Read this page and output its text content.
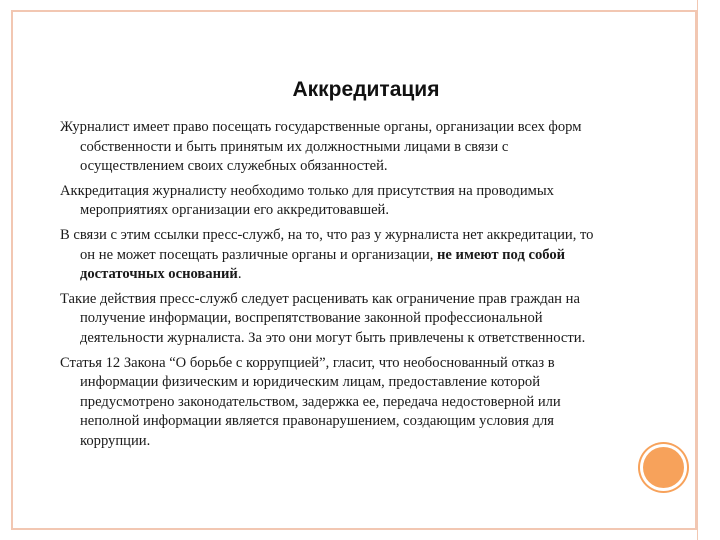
Аккредитация

Журналист имеет право посещать государственные органы, организации всех форм собственности и быть принятым их должностными лицами в связи с осуществлением своих служебных обязанностей.

Аккредитация журналисту необходимо только для присутствия на проводимых мероприятиях организации его аккредитовавшей.

В связи с этим ссылки пресс-служб, на то, что раз у журналиста нет аккредитации, то он не может посещать различные органы и организации, не имеют под собой достаточных оснований.

Такие действия пресс-служб следует расценивать как ограничение прав граждан на получение информации, воспрепятствование законной профессиональной деятельности журналиста. За это они могут быть привлечены к ответственности.

Статья 12 Закона “О борьбе с коррупцией”, гласит, что необоснованный отказ в информации физическим и юридическим лицам, предоставление которой предусмотрено законодательством, задержка ее, передача недостоверной или неполной информации является правонарушением, создающим условия для коррупции.
